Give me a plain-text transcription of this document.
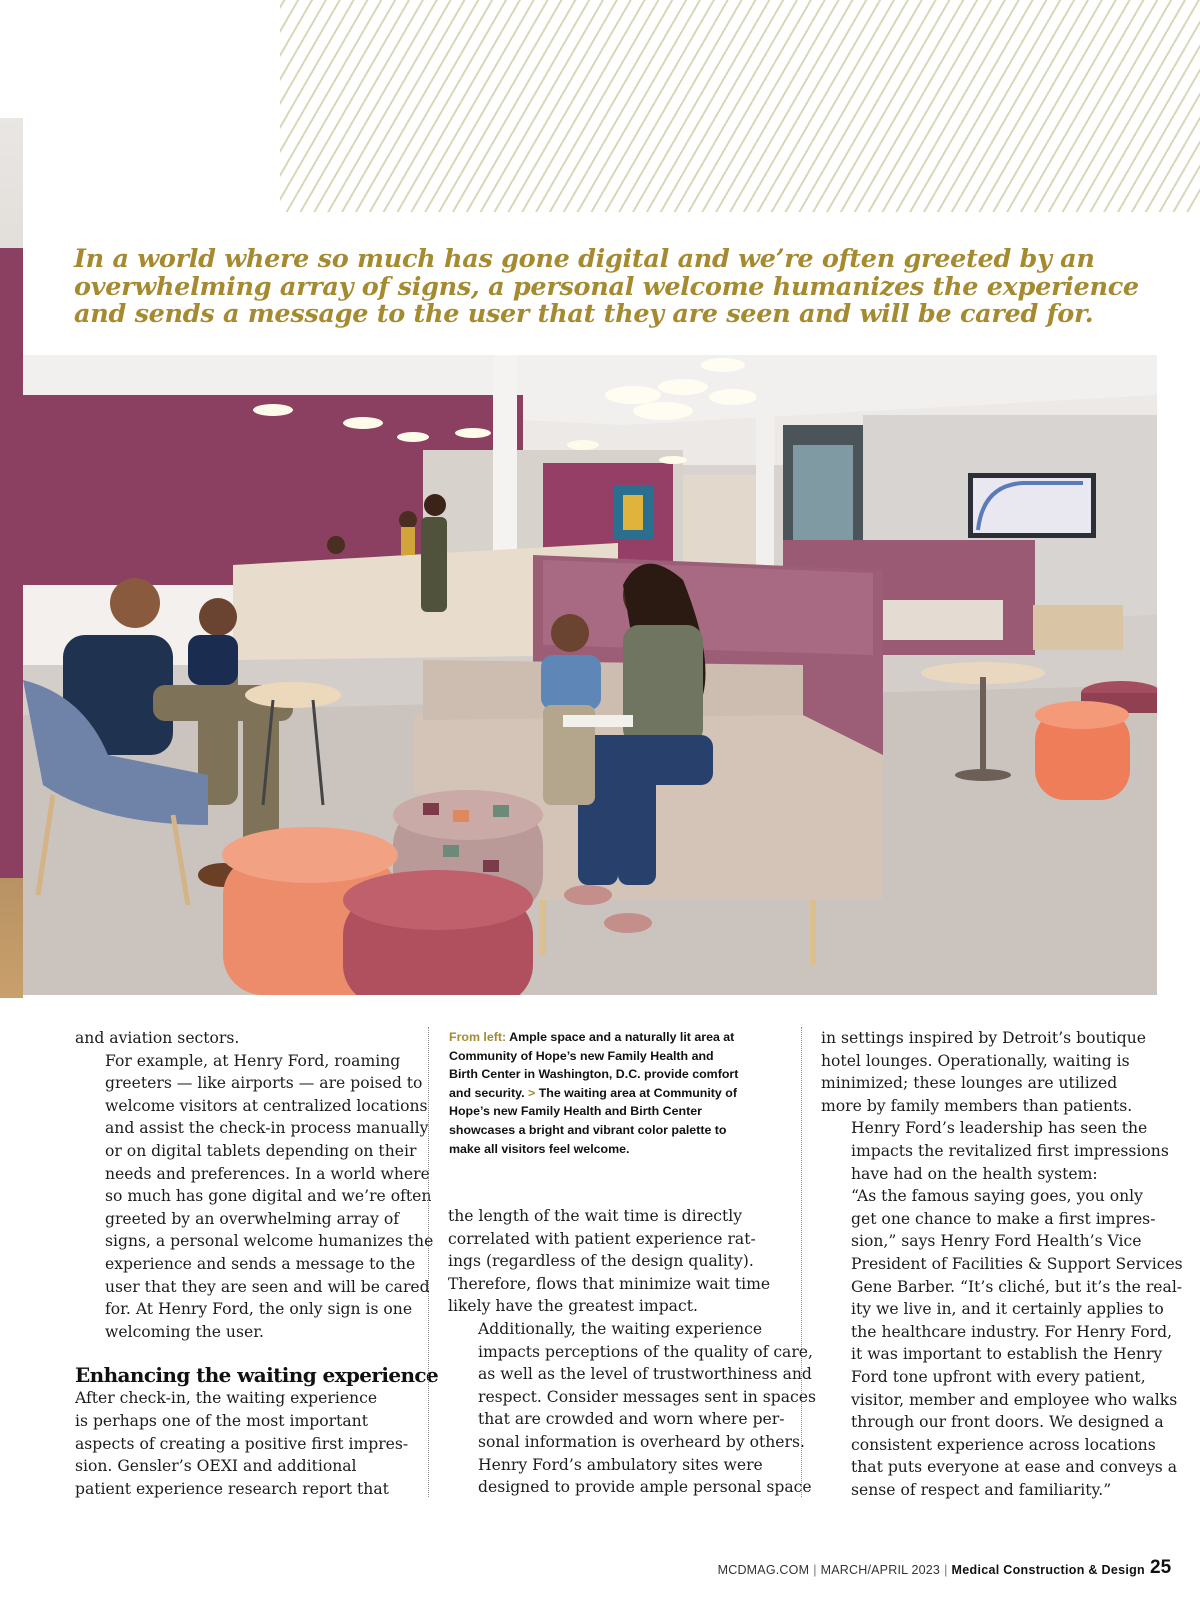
In a world where so much has gone digital and we’re often greeted by an
overwhelming array of signs, a personal welcome humanizes the experience
and sends a message to the user that they are seen and will be cared for.

and aviation sectors.

For example, at Henry Ford, roaming
greeters — like airports — are poised to
welcome visitors at centralized locations
and assist the check-in process manually
or on digital tablets depending on their
needs and preferences. In a world where
so much has gone digital and we’re often
greeted by an overwhelming array of
signs, a personal welcome humanizes the
experience and sends a message to the
user that they are seen and will be cared
for. At Henry Ford, the only sign is one
welcoming the user.

Enhancing the waiting experience

After check-in, the waiting experience
is perhaps one of the most important
aspects of creating a positive first impres-
sion. Gensler’s OEXI and additional
patient experience research report that

From left: Ample space and a naturally lit area at
Community of Hope’s new Family Health and
Birth Center in Washington, D.C. provide comfort
and security. > The waiting area at Community of
Hope’s new Family Health and Birth Center
showcases a bright and vibrant color palette to
make all visitors feel welcome.

the length of the wait time is directly
correlated with patient experience rat-
ings (regardless of the design quality).
Therefore, flows that minimize wait time
likely have the greatest impact.

Additionally, the waiting experience
impacts perceptions of the quality of care,
as well as the level of trustworthiness and
respect. Consider messages sent in spaces
that are crowded and worn where per-
sonal information is overheard by others.

Henry Ford’s ambulatory sites were
designed to provide ample personal space

in settings inspired by Detroit’s boutique
hotel lounges. Operationally, waiting is
minimized; these lounges are utilized
more by family members than patients.

Henry Ford’s leadership has seen the
impacts the revitalized first impressions
have had on the health system:

“As the famous saying goes, you only
get one chance to make a first impres-
sion,” says Henry Ford Health’s Vice
President of Facilities & Support Services
Gene Barber. “It’s cliché, but it’s the real-
ity we live in, and it certainly applies to
the healthcare industry. For Henry Ford,
it was important to establish the Henry
Ford tone upfront with every patient,
visitor, member and employee who walks
through our front doors. We designed a
consistent experience across locations
that puts everyone at ease and conveys a
sense of respect and familiarity.”

MCDMAG.COM | MARCH/APRIL 2023 | Medical Construction & Design 25
